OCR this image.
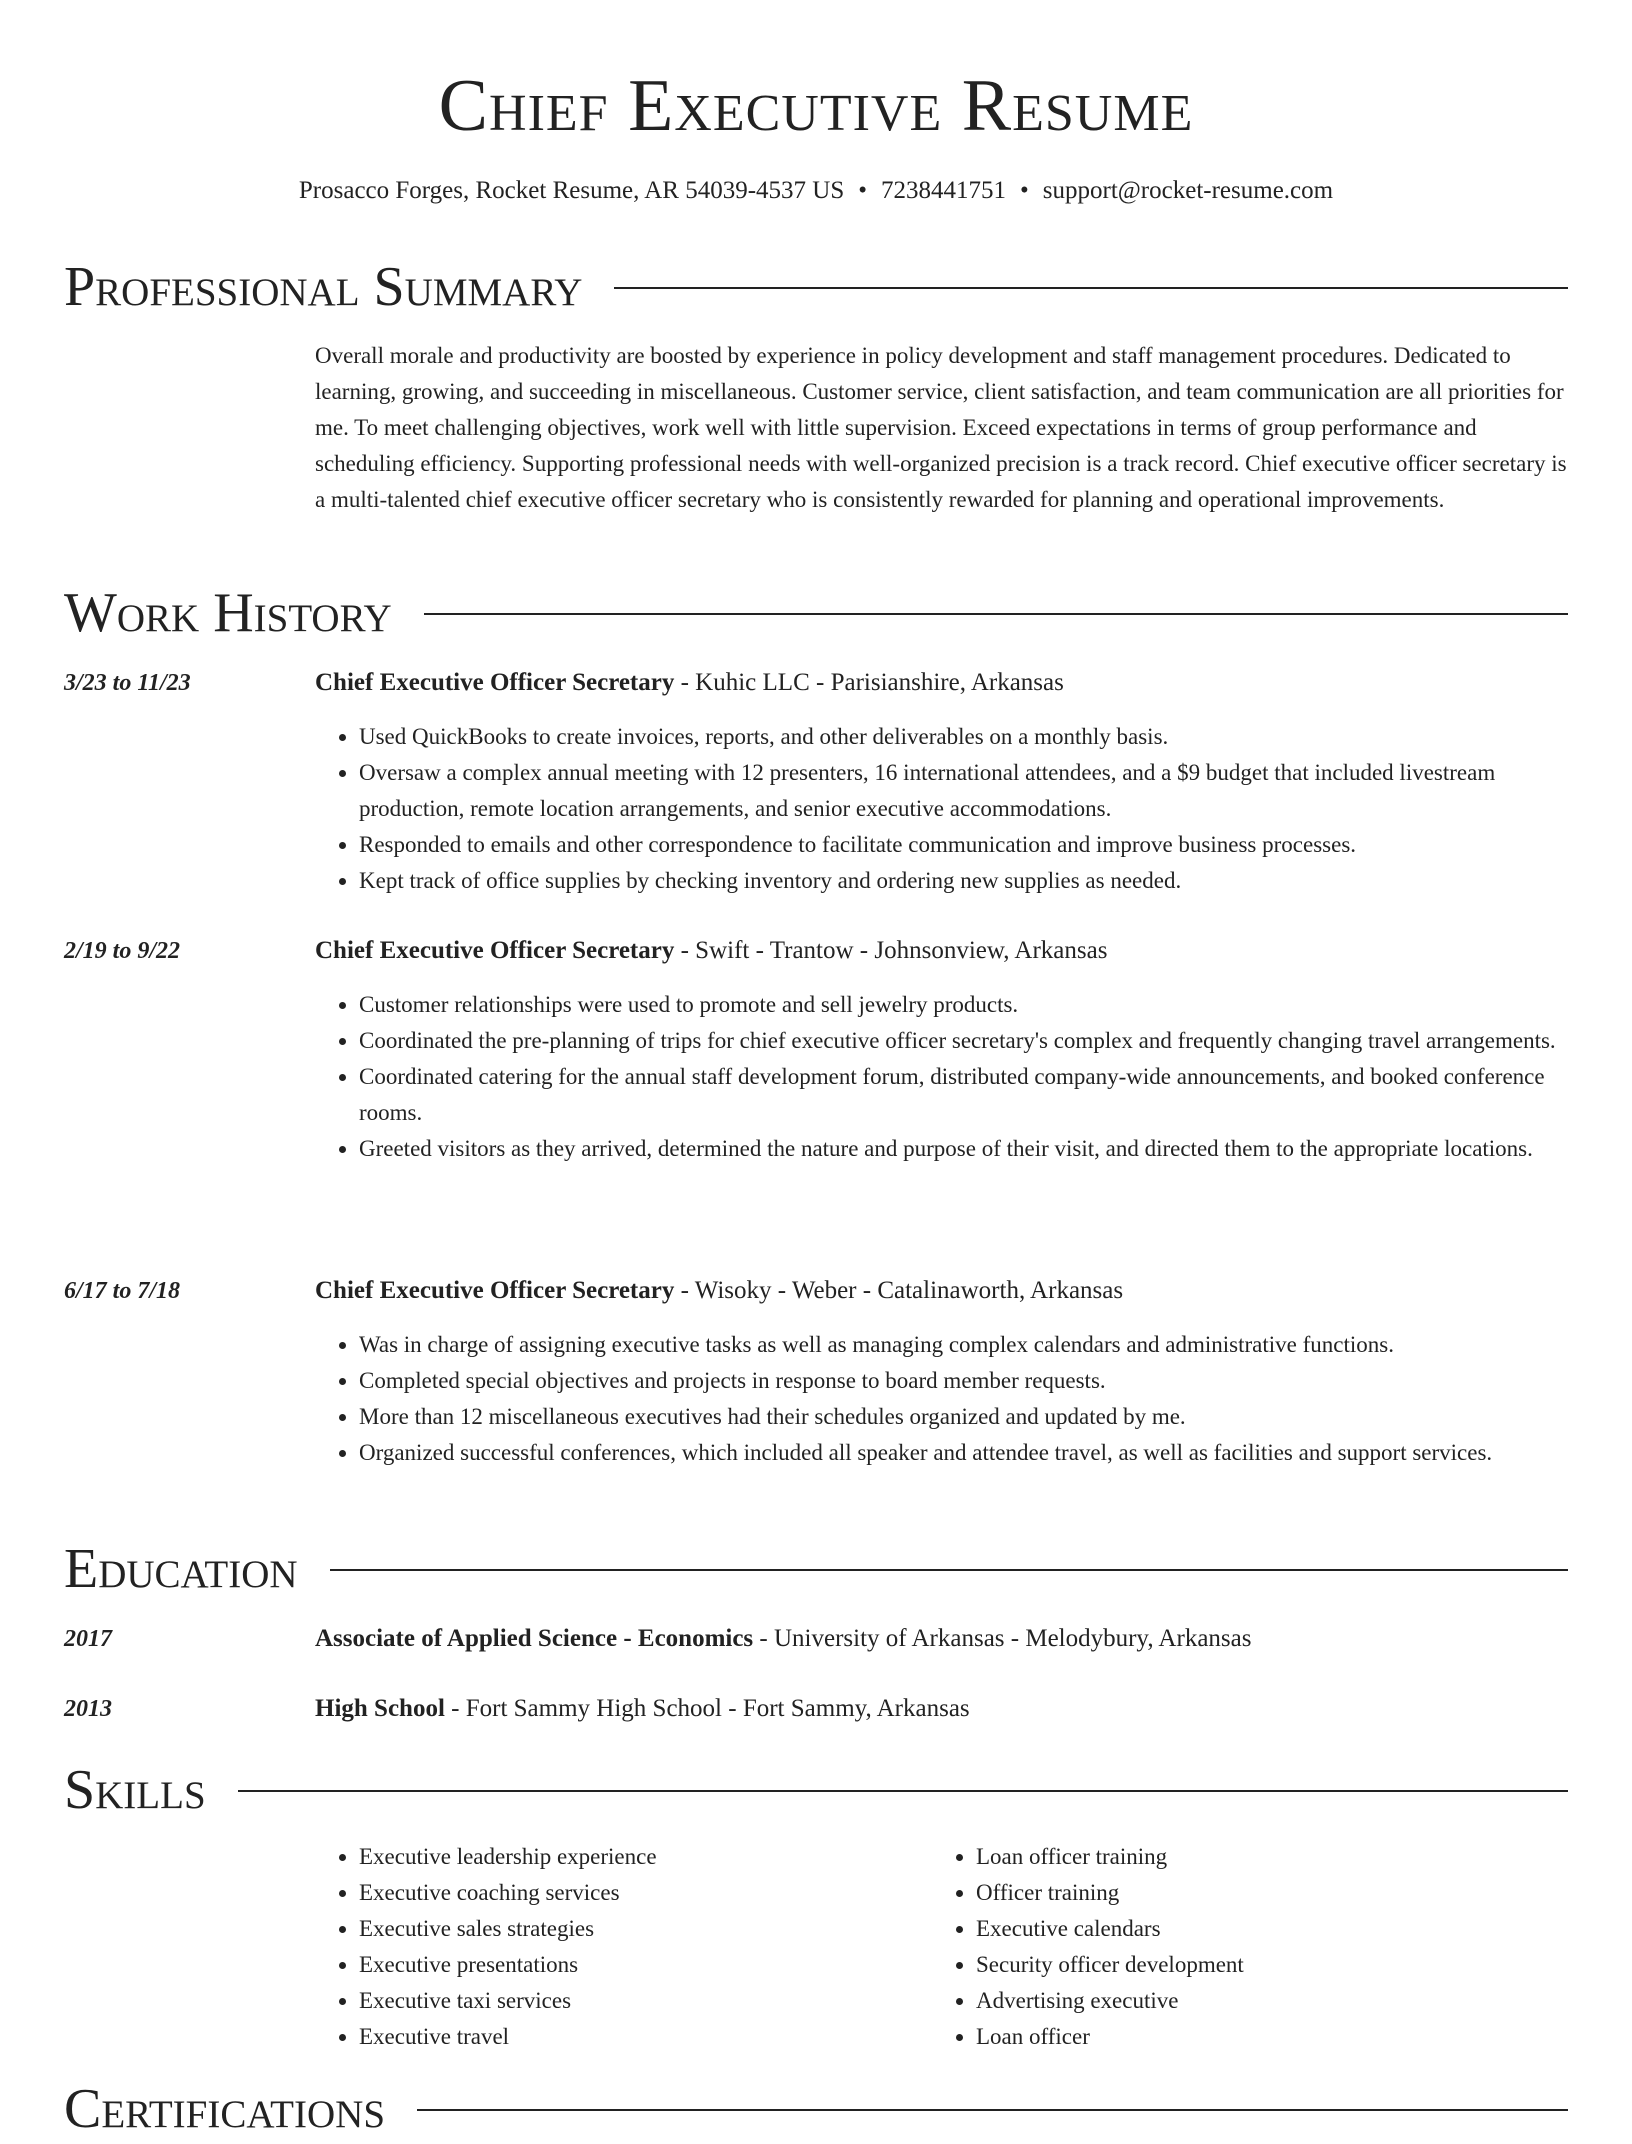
Chief Executive Resume
Prosacco Forges, Rocket Resume, AR 54039-4537 US • 7238441751 • support@rocket-resume.com
Professional Summary

Overall morale and productivity are boosted by experience in policy development and staff management procedures. Dedicated to learning, growing, and succeeding in miscellaneous. Customer service, client satisfaction, and team communication are all priorities for me. To meet challenging objectives, work well with little supervision. Exceed expectations in terms of group performance and scheduling efficiency. Supporting professional needs with well-organized precision is a track record. Chief executive officer secretary is a multi-talented chief executive officer secretary who is consistently rewarded for planning and operational improvements.

Work History
3/23 to 11/23	Chief Executive Officer Secretary - Kuhic LLC - Parisianshire, Arkansas
• Used QuickBooks to create invoices, reports, and other deliverables on a monthly basis.
• Oversaw a complex annual meeting with 12 presenters, 16 international attendees, and a $9 budget that included livestream production, remote location arrangements, and senior executive accommodations.
• Responded to emails and other correspondence to facilitate communication and improve business processes.
• Kept track of office supplies by checking inventory and ordering new supplies as needed.
2/19 to 9/22	Chief Executive Officer Secretary - Swift - Trantow - Johnsonview, Arkansas
• Customer relationships were used to promote and sell jewelry products.
• Coordinated the pre-planning of trips for chief executive officer secretary's complex and frequently changing travel arrangements.
• Coordinated catering for the annual staff development forum, distributed company-wide announcements, and booked conference rooms.
• Greeted visitors as they arrived, determined the nature and purpose of their visit, and directed them to the appropriate locations.
6/17 to 7/18	Chief Executive Officer Secretary - Wisoky - Weber - Catalinaworth, Arkansas
• Was in charge of assigning executive tasks as well as managing complex calendars and administrative functions.
• Completed special objectives and projects in response to board member requests.
• More than 12 miscellaneous executives had their schedules organized and updated by me.
• Organized successful conferences, which included all speaker and attendee travel, as well as facilities and support services.
Education
2017	Associate of Applied Science - Economics - University of Arkansas - Melodybury, Arkansas
2013	High School - Fort Sammy High School - Fort Sammy, Arkansas
Skills
• Executive leadership experience
• Executive coaching services
• Executive sales strategies
• Executive presentations
• Executive taxi services
• Executive travel
• Loan officer training
• Officer training
• Executive calendars
• Security officer development
• Advertising executive
• Loan officer
Certifications
